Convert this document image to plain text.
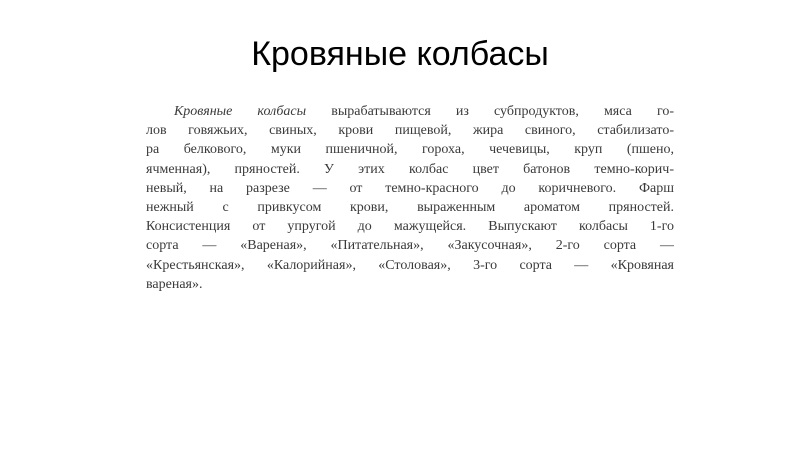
Кровяные колбасы
Кровяные колбасы вырабатываются из субпродуктов, мяса го-
лов говяжьих, свиных, крови пищевой, жира свиного, стабилизато-
ра белкового, муки пшеничной, гороха, чечевицы, круп (пшено,
ячменная), пряностей. У этих колбас цвет батонов темно-корич-
невый, на разрезе — от темно-красного до коричневого. Фарш
нежный с привкусом крови, выраженным ароматом пряностей.
Консистенция от упругой до мажущейся. Выпускают колбасы 1-го
сорта — «Вареная», «Питательная», «Закусочная», 2-го сорта —
«Крестьянская», «Калорийная», «Столовая», 3-го сорта — «Кровяная
вареная».
